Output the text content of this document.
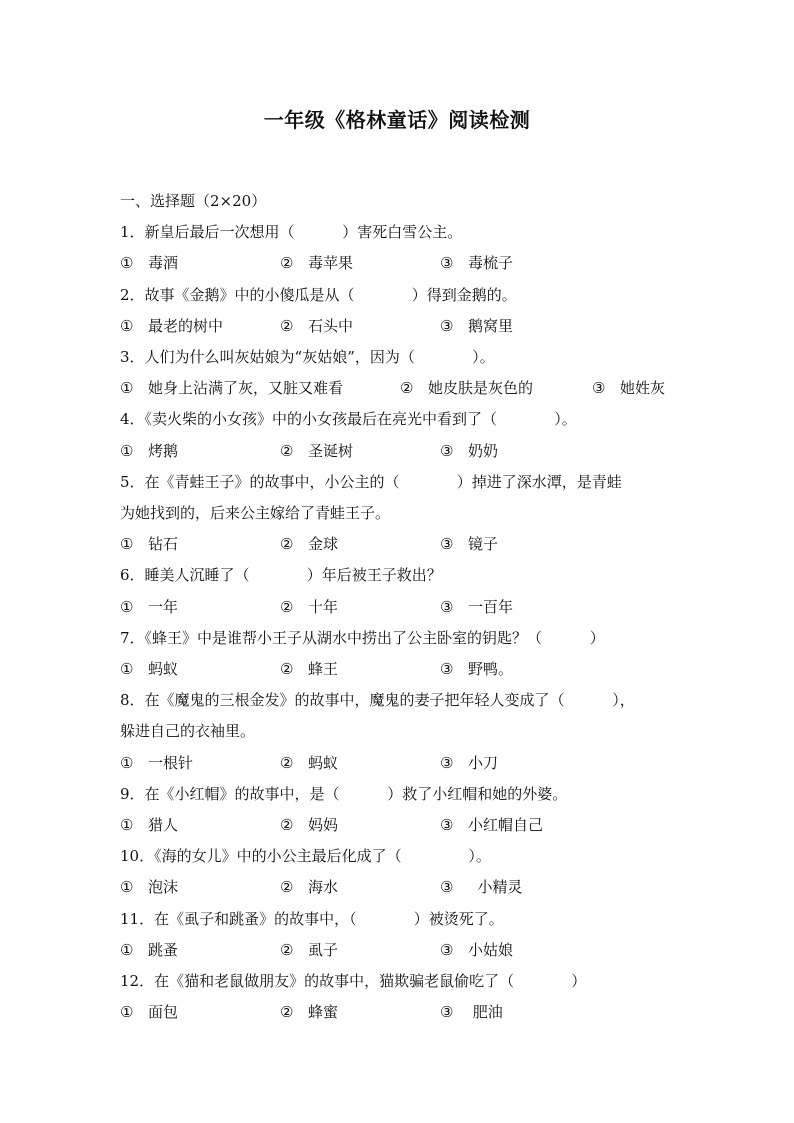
一年级《格林童话》阅读检测
一、选择题（2×20）
1．新皇后最后一次想用（          ）害死白雪公主。
① 毒酒	② 毒苹果	③ 毒梳子
2．故事《金鹅》中的小傻瓜是从（            ）得到金鹅的。
① 最老的树中	② 石头中	③ 鹅窝里
3．人们为什么叫灰姑娘为“灰姑娘”，因为（            ）。
① 她身上沾满了灰，又脏又难看	② 她皮肤是灰色的	③ 她姓灰
4．《卖火柴的小女孩》中的小女孩最后在亮光中看到了（            ）。
① 烤鹅	② 圣诞树	③ 奶奶
5．在《青蛙王子》的故事中，小公主的（            ）掉进了深水潭，是青蛙
为她找到的，后来公主嫁给了青蛙王子。
① 钻石	② 金球	③ 镜子
6．睡美人沉睡了（            ）年后被王子救出？
① 一年	② 十年	③ 一百年
7．《蜂王》中是谁帮小王子从湖水中捞出了公主卧室的钥匙？（          ）
① 蚂蚁	② 蜂王	③ 野鸭。
8．在《魔鬼的三根金发》的故事中，魔鬼的妻子把年轻人变成了（          ），
躲进自己的衣袖里。
① 一根针	② 蚂蚁	③ 小刀
9．在《小红帽》的故事中，是（          ）救了小红帽和她的外婆。
① 猎人	② 妈妈	③ 小红帽自己
10．《海的女儿》中的小公主最后化成了（              ）。
① 泡沫	② 海水	③  小精灵
11．在《虱子和跳蚤》的故事中，（            ）被烫死了。
① 跳蚤	② 虱子	③ 小姑娘
12．在《猫和老鼠做朋友》的故事中，猫欺骗老鼠偷吃了（            ）
① 面包	② 蜂蜜	③ 肥油
